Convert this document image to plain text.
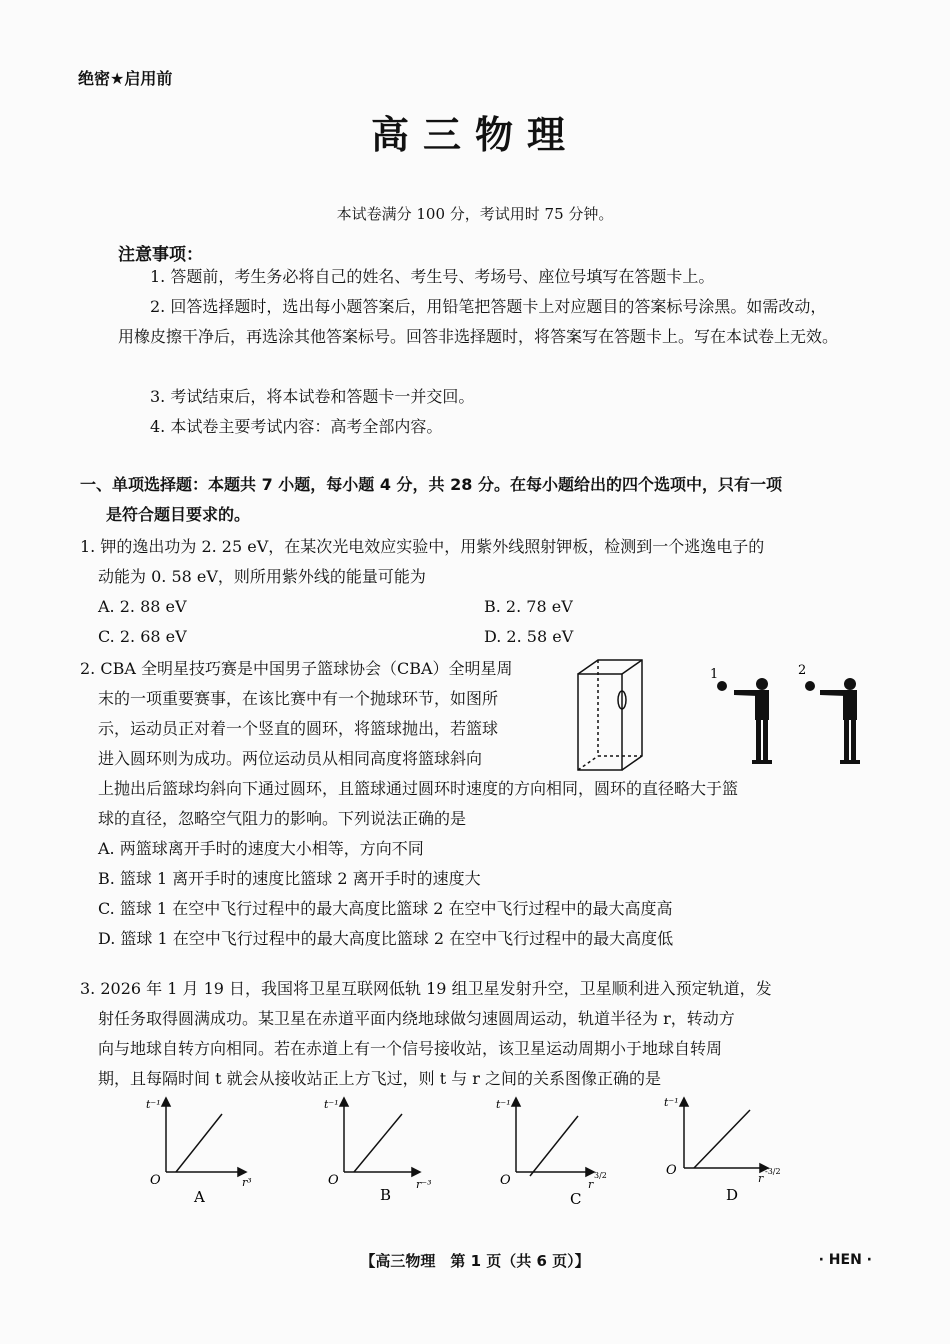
绝密★启用前
高三物理
本试卷满分 100 分，考试用时 75 分钟。
注意事项：
1. 答题前，考生务必将自己的姓名、考生号、考场号、座位号填写在答题卡上。
2. 回答选择题时，选出每小题答案后，用铅笔把答题卡上对应题目的答案标号涂黑。如需改动，用橡皮擦干净后，再选涂其他答案标号。回答非选择题时，将答案写在答题卡上。写在本试卷上无效。
3. 考试结束后，将本试卷和答题卡一并交回。
4. 本试卷主要考试内容：高考全部内容。
一、单项选择题：本题共 7 小题，每小题 4 分，共 28 分。在每小题给出的四个选项中，只有一项
是符合题目要求的。
1. 钾的逸出功为 2. 25 eV，在某次光电效应实验中，用紫外线照射钾板，检测到一个逃逸电子的
动能为 0. 58 eV，则所用紫外线的能量可能为
A. 2. 88 eV	B. 2. 78 eV
C. 2. 68 eV	D. 2. 58 eV
2. CBA 全明星技巧赛是中国男子篮球协会（CBA）全明星周
末的一项重要赛事，在该比赛中有一个抛球环节，如图所
示，运动员正对着一个竖直的圆环，将篮球抛出，若篮球
进入圆环则为成功。两位运动员从相同高度将篮球斜向
上抛出后篮球均斜向下通过圆环，且篮球通过圆环时速度的方向相同，圆环的直径略大于篮
球的直径，忽略空气阻力的影响。下列说法正确的是
A. 两篮球离开手时的速度大小相等，方向不同
B. 篮球 1 离开手时的速度比篮球 2 离开手时的速度大
C. 篮球 1 在空中飞行过程中的最大高度比篮球 2 在空中飞行过程中的最大高度高
D. 篮球 1 在空中飞行过程中的最大高度比篮球 2 在空中飞行过程中的最大高度低
1	2
3. 2026 年 1 月 19 日，我国将卫星互联网低轨 19 组卫星发射升空，卫星顺利进入预定轨道，发
射任务取得圆满成功。某卫星在赤道平面内绕地球做匀速圆周运动，轨道半径为 r，转动方
向与地球自转方向相同。若在赤道上有一个信号接收站，该卫星运动周期小于地球自转周
期，且每隔时间 t 就会从接收站正上方飞过，则 t 与 r 之间的关系图像正确的是
t⁻¹
O	r³
A
t⁻¹
O	r⁻³
B
t⁻¹
O	r
3/2
C
t⁻¹
O
r
-3/2
D
【高三物理　第 1 页（共 6 页）】	· HEN ·
